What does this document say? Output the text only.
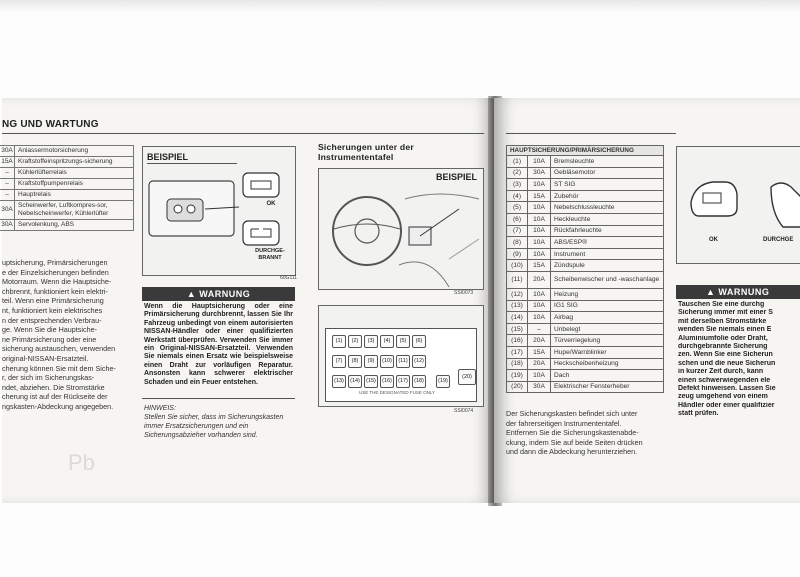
NG UND WARTUNG
30A	Anlassermotorsicherung
15A	Kraftstoffeinspritzungs-sicherung
–	Kühlerlüfterrelais
–	Kraftstoffpumpenrelais
–	Hauptrelais
30A	Scheinwerfer, Luftkompres-sor, Nebelscheinwerfer, Kühlerlüfter
30A	Servolenkung, ABS
uptsicherung, Primärsicherungen
e der Einzelsicherungen befinden
Motorraum. Wenn die Hauptsiche-
chbrennt, funktioniert kein elektri-
teil. Wenn eine Primärsicherung
nt, funktioniert kein elektrisches
n der entsprechenden Verbrau-
ge. Wenn Sie die Hauptsiche-
ne Primärsicherung oder eine
sicherung austauschen, verwenden
original-NISSAN-Ersatzteil.
cherung können Sie mit dem Siche-
r, der sich im Sicherungskas-
ndet, abziehen. Die Stromstärke
cherung ist auf der Rückseite der
ngskasten-Abdeckung angegeben.
Pb
BEISPIEL
OK
DURCHGE-
BRANNT
60G111
▲ WARNUNG
Wenn die Hauptsicherung oder eine Primärsicherung durchbrennt, lassen Sie Ihr Fahrzeug unbedingt von einem autorisierten NISSAN-Händler oder einer qualifizierten Werkstatt überprüfen. Verwenden Sie immer ein Original-NISSAN-Ersatzteil. Verwenden Sie niemals einen Ersatz wie beispielsweise einen Draht zur vorläufigen Reparatur. Ansonsten kann schwerer elektrischer Schaden und ein Feuer entstehen.
HINWEIS:
Stellen Sie sicher, dass im Sicherungskasten immer Ersatzsicherungen und ein Sicherungsabzieher vorhanden sind.
Sicherungen unter der Instrumententafel
BEISPIEL
SSI0073
(1)	(2)	(3)	(4)	(5)	(6)
(7)	(8)	(9)	(10)	(11)	(12)
(13)	(14)	(15)	(16)	(17)	(18)	(19)
(20)
USE THE DESIGNATED FUSE ONLY
SSI0074
HAUPTSICHERUNG/PRIMÄRSICHERUNG		
(1)	10A	Bremsleuchte
(2)	30A	Gebläsemotor
(3)	10A	ST SIG
(4)	15A	Zubehör
(5)	10A	Nebelschlussleuchte
(6)	10A	Heckleuchte
(7)	10A	Rückfahrleuchte
(8)	10A	ABS/ESP®
(9)	10A	Instrument
(10)	15A	Zündspule
(11)	20A	Scheibenwischer und -waschanlage
(12)	10A	Heizung
(13)	10A	IG1 SIG
(14)	10A	Airbag
(15)	–	Unbelegt
(16)	20A	Türverriegelung
(17)	15A	Hupe/Warnblinker
(18)	20A	Heckscheibenheizung
(19)	10A	Dach
(20)	30A	Elektrischer Fensterheber
Der Sicherungskasten befindet sich unter
der fahrerseitigen Instrumententafel.
Entfernen Sie die Sicherungskastenabde-
ckung, indem Sie auf beide Seiten drücken
und dann die Abdeckung herunterziehen.
OK	DURCHGE
▲ WARNUNG
Tauschen Sie eine durchg
Sicherung immer mit einer S
mit derselben Stromstärke
wenden Sie niemals einen E
Aluminiumfolie oder Draht,
durchgebrannte Sicherung
zen. Wenn Sie eine Sicherun
schen und die neue Sicherun
in kurzer Zeit durch, kann
einen schwerwiegenden ele
Defekt hinweisen. Lassen Sie
zeug umgehend von einem
Händler oder einer qualifizier
statt prüfen.
